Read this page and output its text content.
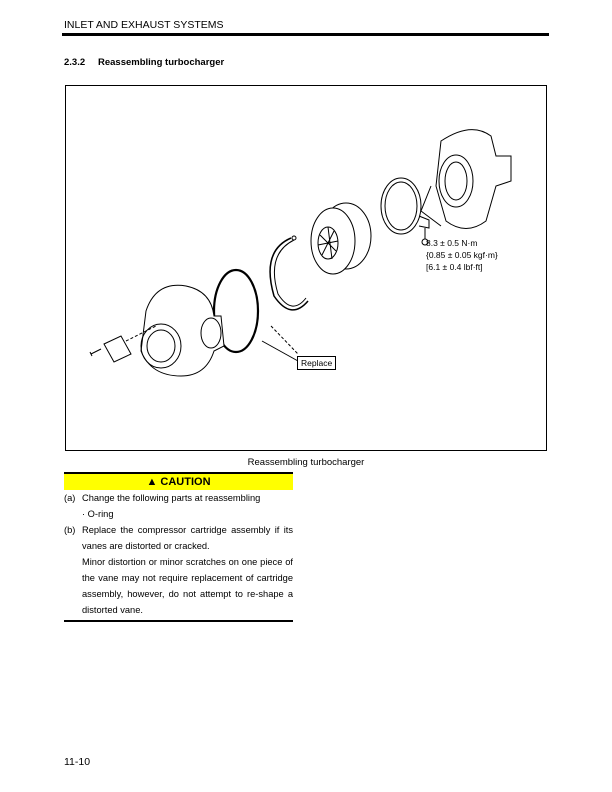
INLET AND EXHAUST SYSTEMS
2.3.2 Reassembling turbocharger
8.3 ± 0.5 N·m
{0.85 ± 0.05 kgf·m}
[6.1 ± 0.4 lbf·ft]
Replace
Reassembling turbocharger
▲ CAUTION
(a) Change the following parts at reassembling
· O-ring
(b) Replace the compressor cartridge assembly if its vanes are distorted or cracked.
Minor distortion or minor scratches on one piece of the vane may not require replacement of cartridge assembly, however, do not attempt to re-shape a distorted vane.
11-10
